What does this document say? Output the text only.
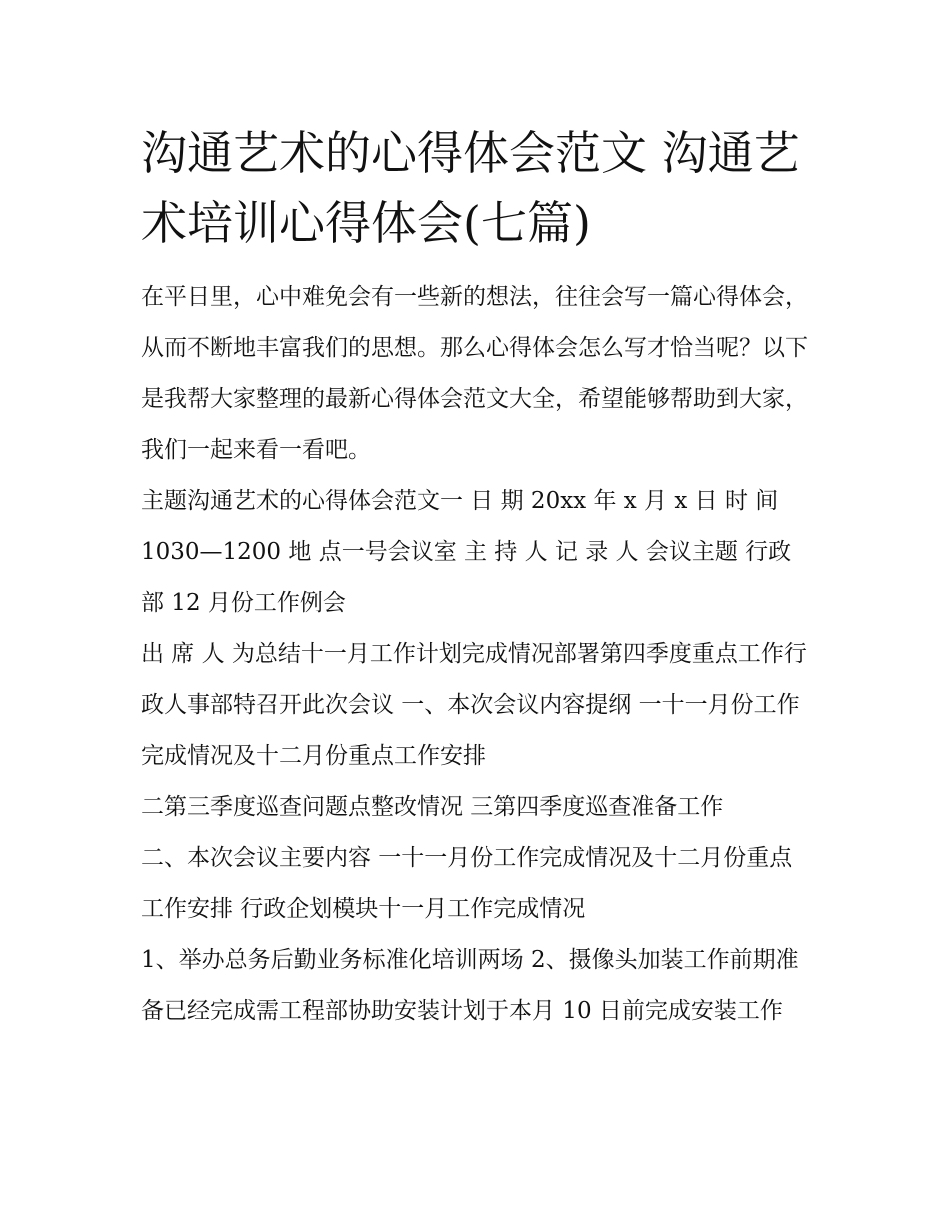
沟通艺术的心得体会范文 沟通艺术培训心得体会(七篇)

在平日里，心中难免会有一些新的想法，往往会写一篇心得体会，从而不断地丰富我们的思想。那么心得体会怎么写才恰当呢？以下是我帮大家整理的最新心得体会范文大全，希望能够帮助到大家，我们一起来看一看吧。

主题沟通艺术的心得体会范文一 日 期 20xx 年 x 月 x 日 时 间 1030—1200 地 点一号会议室 主 持 人 记 录 人 会议主题 行政部 12 月份工作例会

出 席 人 为总结十一月工作计划完成情况部署第四季度重点工作行政人事部特召开此次会议 一、本次会议内容提纲 一十一月份工作完成情况及十二月份重点工作安排

二第三季度巡查问题点整改情况 三第四季度巡查准备工作

二、本次会议主要内容 一十一月份工作完成情况及十二月份重点工作安排 行政企划模块十一月工作完成情况

1、举办总务后勤业务标准化培训两场 2、摄像头加装工作前期准备已经完成需工程部协助安装计划于本月 10 日前完成安装工作
